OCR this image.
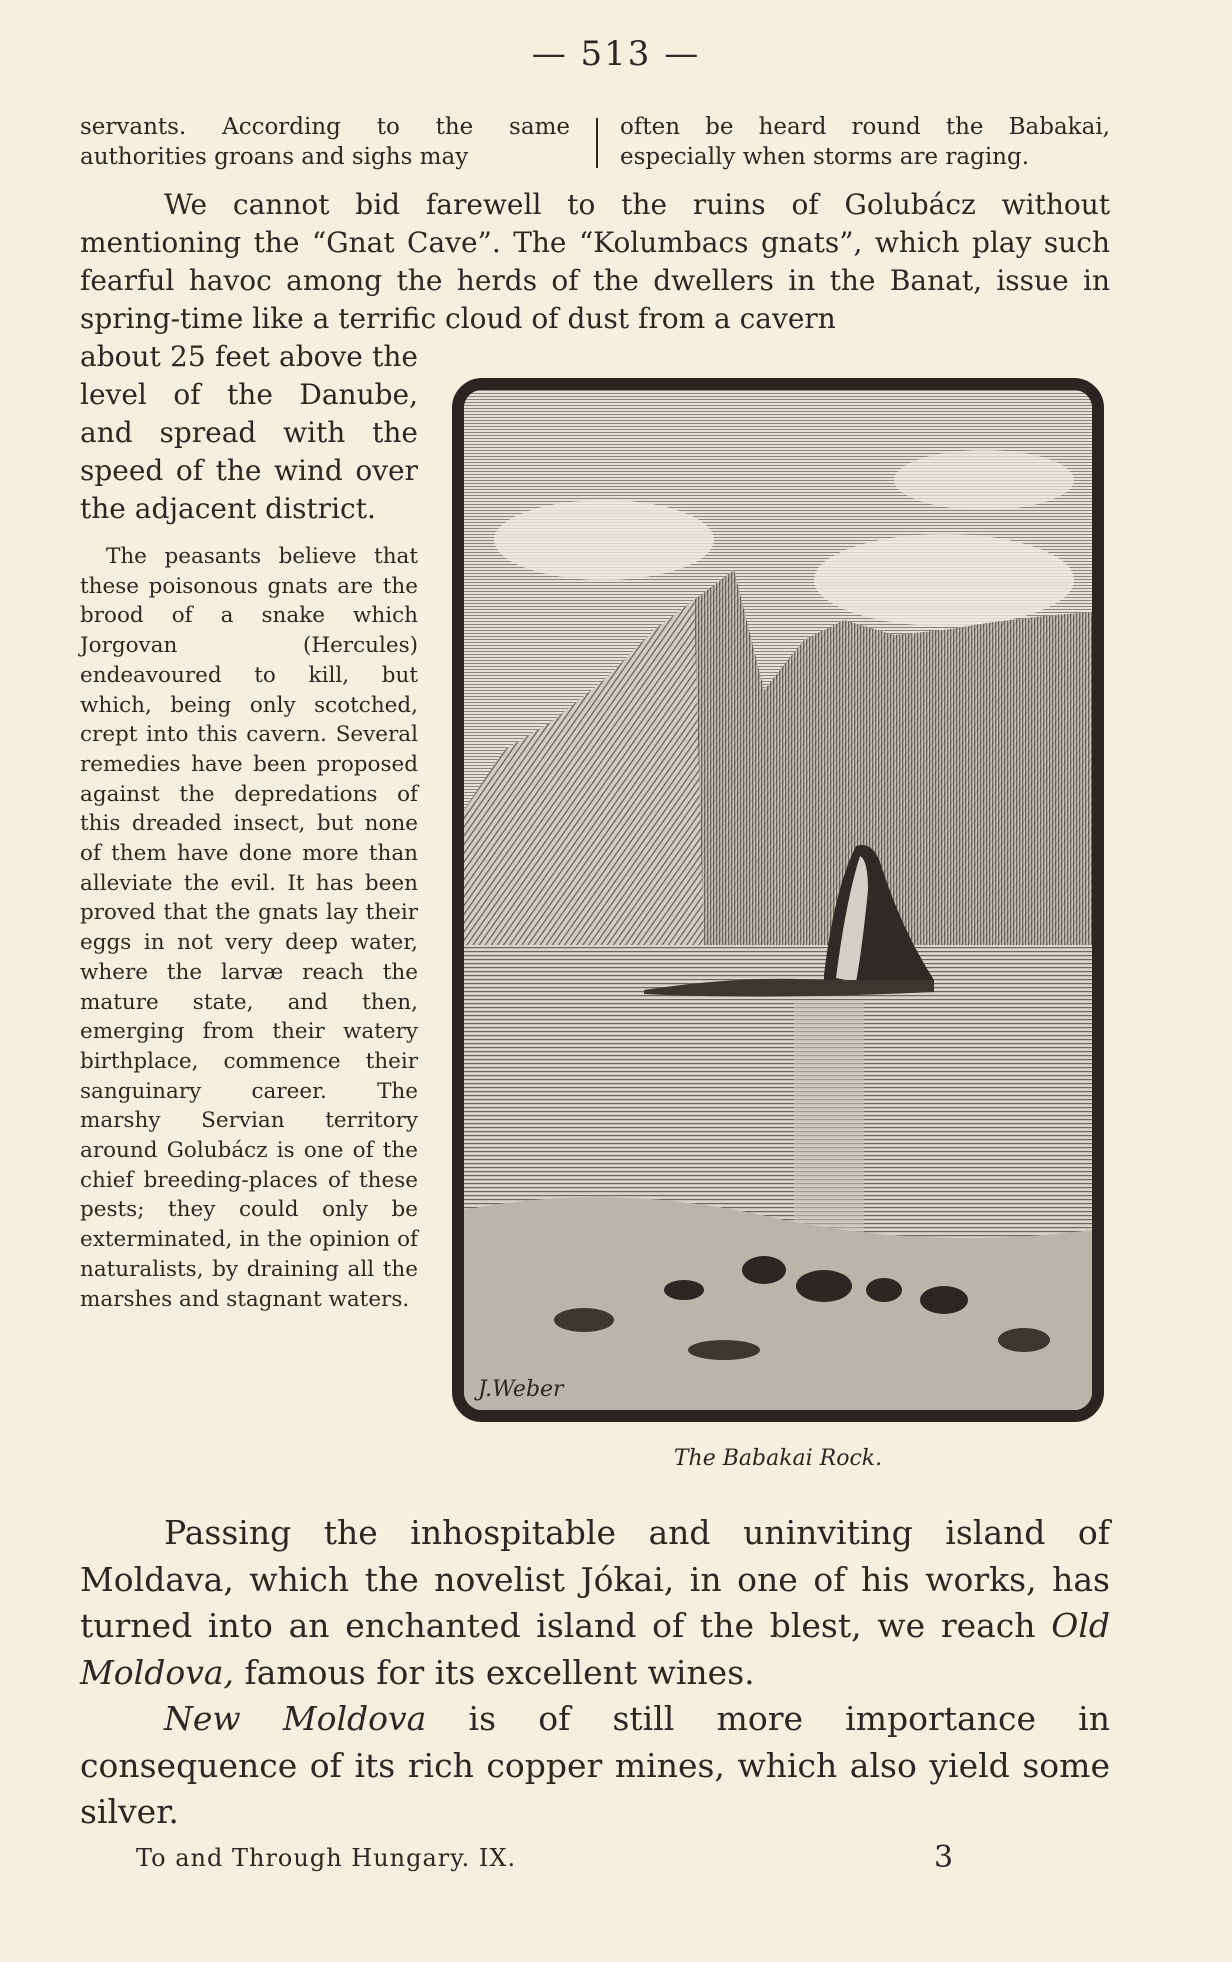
— 513 —

servants. According to the same authorities groans and sighs may

often be heard round the Babakai, especially when storms are raging.

We cannot bid farewell to the ruins of Golubácz without mentioning the “Gnat Cave”. The “Kolumbacs gnats”, which play such fearful havoc among the herds of the dwellers in the Banat, issue in spring-time like a terrific cloud of dust from a cavern
about 25 feet above the level of the Danube, and spread with the speed of the wind over the adjacent district.
The peasants believe that these poisonous gnats are the brood of a snake which Jorgovan (Hercules) endeavoured to kill, but which, being only scotched, crept into this cavern. Several remedies have been proposed against the depredations of this dreaded insect, but none of them have done more than alleviate the evil. It has been proved that the gnats lay their eggs in not very deep water, where the larvæ reach the mature state, and then, emerging from their watery birthplace, commence their sanguinary career. The marshy Servian territory around Golubácz is one of the chief breeding-places of these pests; they could only be exterminated, in the opinion of naturalists, by draining all the marshes and stagnant waters.
J.Weber
The Babakai Rock.

Passing the inhospitable and uninviting island of Moldava, which the novelist Jókai, in one of his works, has turned into an enchanted island of the blest, we reach Old Moldova, famous for its excellent wines.

New Moldova is of still more importance in consequence of its rich copper mines, which also yield some silver.

To and Through Hungary. IX.	3
